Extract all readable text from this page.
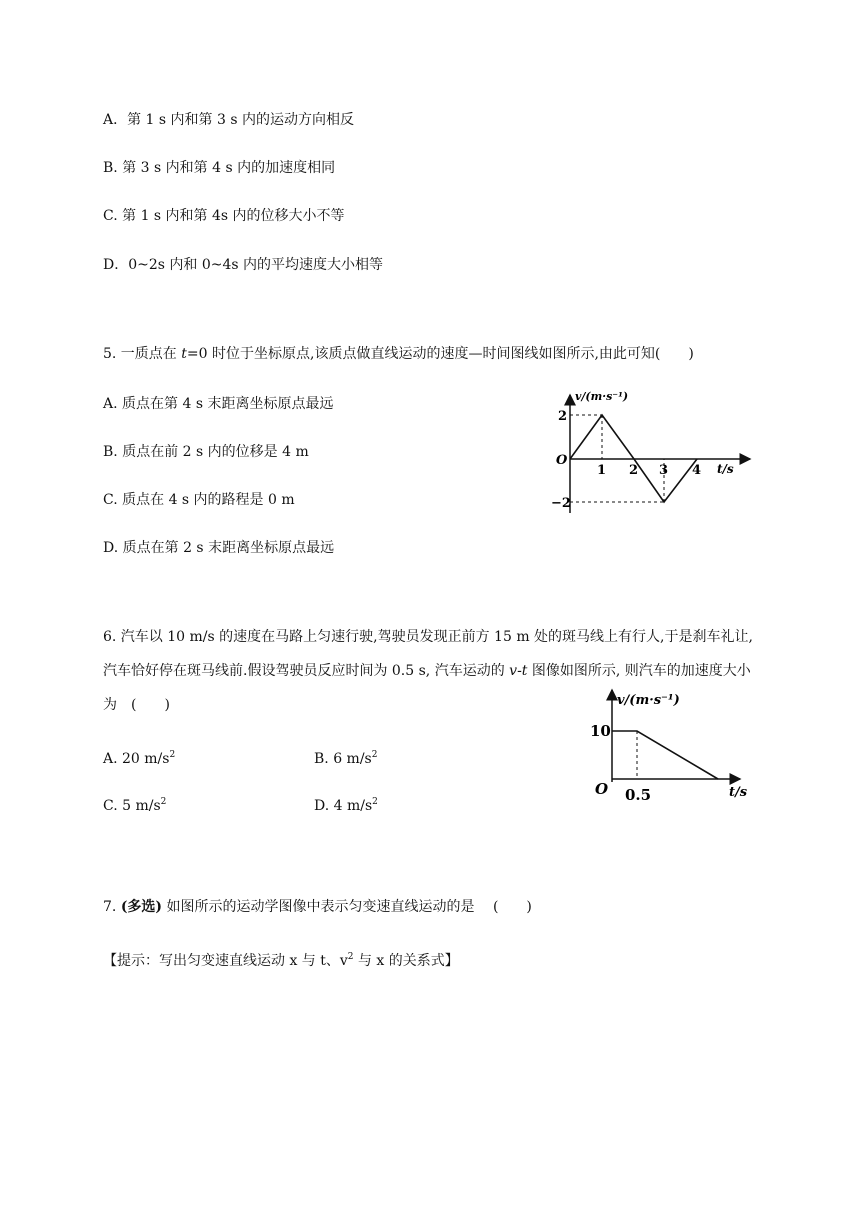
A．第 1 s 内和第 3 s 内的运动方向相反
B. 第 3 s 内和第 4 s 内的加速度相同
C. 第 1 s 内和第 4s 内的位移大小不等
D．0~2s 内和 0~4s 内的平均速度大小相等
5. 一质点在 t=0 时位于坐标原点,该质点做直线运动的速度—时间图线如图所示,由此可知(　　)
A. 质点在第 4 s 末距离坐标原点最远
B. 质点在前 2 s 内的位移是 4 m
C. 质点在 4 s 内的路程是 0 m
D. 质点在第 2 s 末距离坐标原点最远
v/(m·s⁻¹)
t/s
O
2
−2
1 2 3 4
6. 汽车以 10 m/s 的速度在马路上匀速行驶,驾驶员发现正前方 15 m 处的斑马线上有行人,于是刹车礼让,汽车恰好停在斑马线前.假设驾驶员反应时间为 0.5 s, 汽车运动的 v-t 图像如图所示, 则汽车的加速度大小为　(　　)
A. 20 $m/s^2$	B. 6 $m/s^2$
C. 5 $m/s^2$	D. 4 $m/s^2$
v/(m·s⁻¹)
t/s
O
10
0.5
7. (多选) 如图所示的运动学图像中表示匀变速直线运动的是　 (　　)
【提示：写出匀变速直线运动 x 与 t、$v^2$ 与 x 的关系式】
